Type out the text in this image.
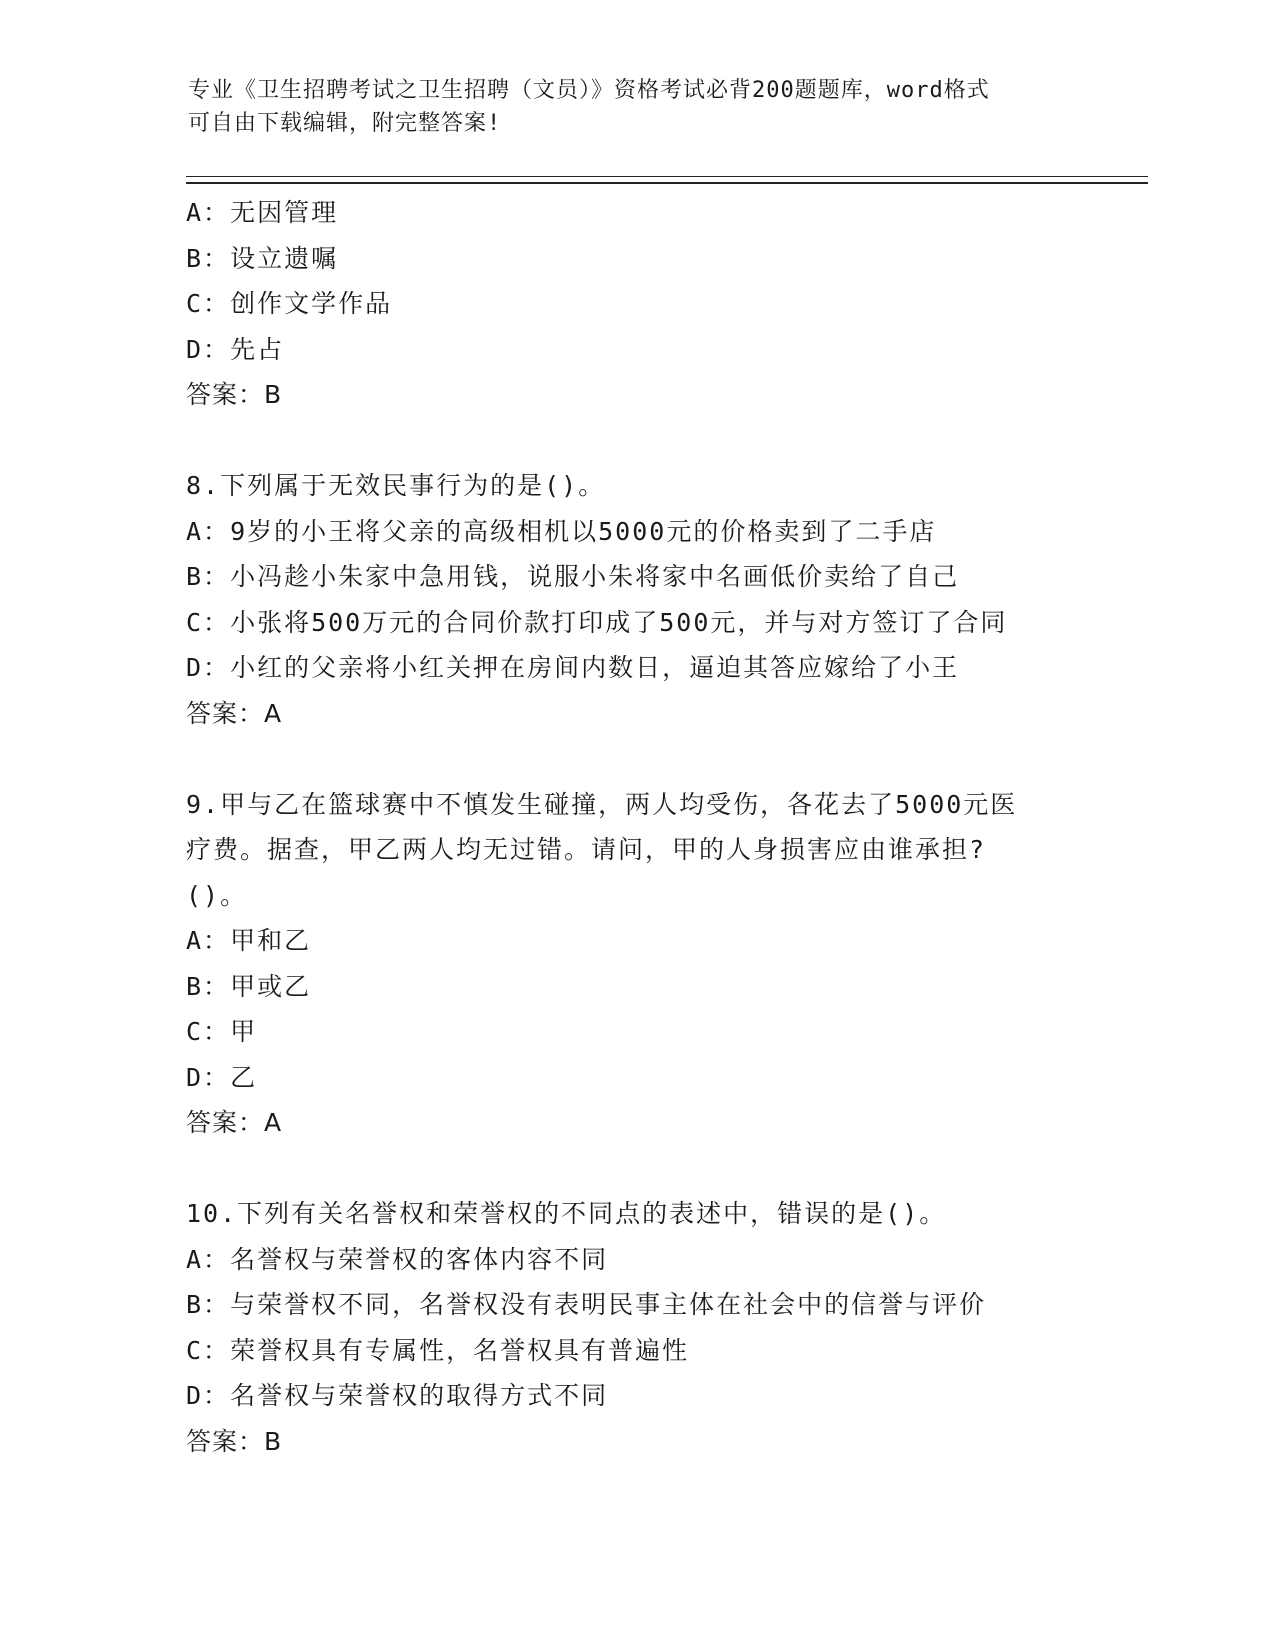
专业《卫生招聘考试之卫生招聘（文员）》资格考试必背200题题库，word格式
可自由下载编辑，附完整答案!
A：无因管理
B：设立遗嘱
C：创作文学作品
D：先占
答案：B
8.下列属于无效民事行为的是()。
A：9岁的小王将父亲的高级相机以5000元的价格卖到了二手店
B：小冯趁小朱家中急用钱，说服小朱将家中名画低价卖给了自己
C：小张将500万元的合同价款打印成了500元，并与对方签订了合同
D：小红的父亲将小红关押在房间内数日，逼迫其答应嫁给了小王
答案：A
9.甲与乙在篮球赛中不慎发生碰撞，两人均受伤，各花去了5000元医
疗费。据查，甲乙两人均无过错。请问，甲的人身损害应由谁承担?
()。
A：甲和乙
B：甲或乙
C：甲
D：乙
答案：A
10.下列有关名誉权和荣誉权的不同点的表述中，错误的是()。
A：名誉权与荣誉权的客体内容不同
B：与荣誉权不同，名誉权没有表明民事主体在社会中的信誉与评价
C：荣誉权具有专属性，名誉权具有普遍性
D：名誉权与荣誉权的取得方式不同
答案：B
